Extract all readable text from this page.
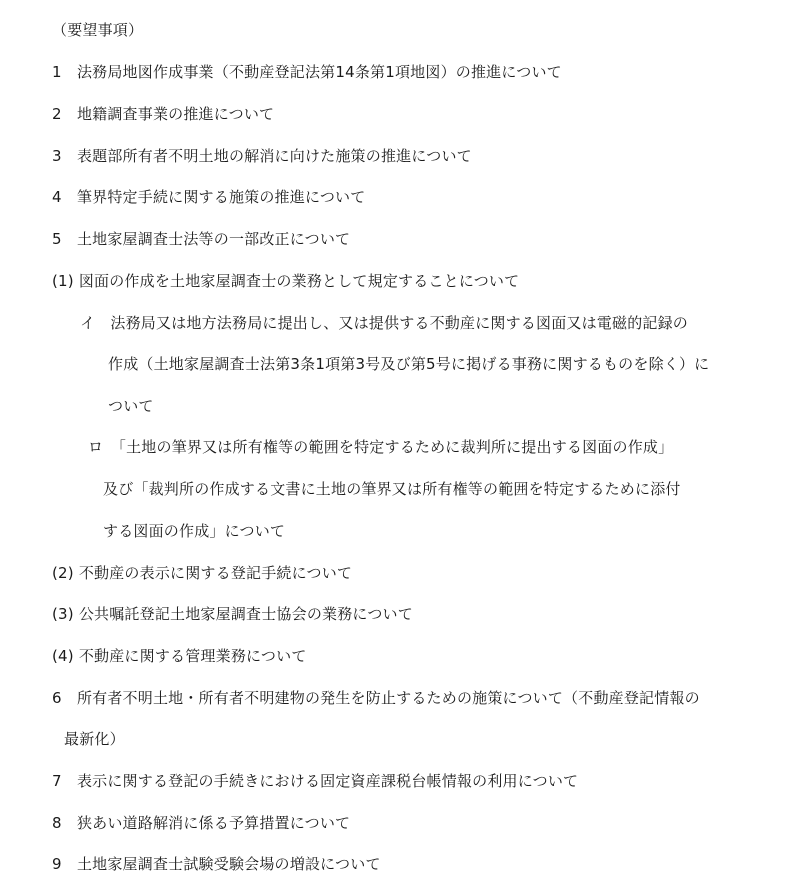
（要望事項）
1　法務局地図作成事業（不動産登記法第14条第1項地図）の推進について
2　地籍調査事業の推進について
3　表題部所有者不明土地の解消に向けた施策の推進について
4　筆界特定手続に関する施策の推進について
5　土地家屋調査士法等の一部改正について
(1) 図面の作成を土地家屋調査士の業務として規定することについて
イ　法務局又は地方法務局に提出し、又は提供する不動産に関する図面又は電磁的記録の
作成（土地家屋調査士法第3条1項第3号及び第5号に掲げる事務に関するものを除く）に
ついて
ロ　「土地の筆界又は所有権等の範囲を特定するために裁判所に提出する図面の作成」
及び「裁判所の作成する文書に土地の筆界又は所有権等の範囲を特定するために添付
する図面の作成」について
(2) 不動産の表示に関する登記手続について
(3) 公共嘱託登記土地家屋調査士協会の業務について
(4) 不動産に関する管理業務について
6　所有者不明土地・所有者不明建物の発生を防止するための施策について（不動産登記情報の
最新化）
7　表示に関する登記の手続きにおける固定資産課税台帳情報の利用について
8　狭あい道路解消に係る予算措置について
9　土地家屋調査士試験受験会場の増設について
